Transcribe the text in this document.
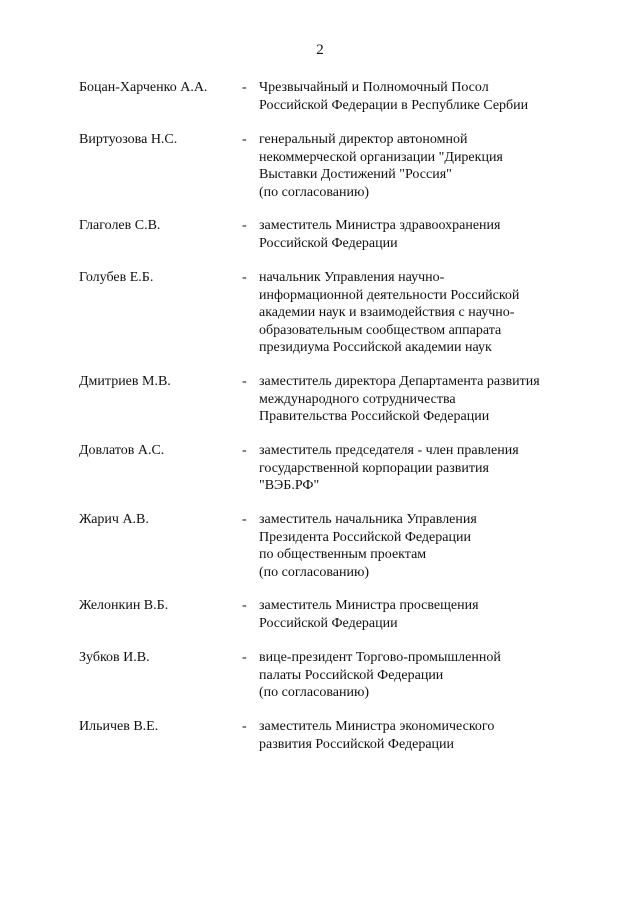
2
Боцан-Харченко А.А. - Чрезвычайный и Полномочный Посол
Российской Федерации в Республике Сербии
Виртуозова Н.С.	- генеральный директор автономной
некоммерческой организации "Дирекция
Выставки Достижений "Россия"
(по согласованию)
Глаголев С.В.	- заместитель Министра здравоохранения
Российской Федерации
Голубев Е.Б.	- начальник Управления научно-
информационной деятельности Российской
академии наук и взаимодействия с научно-
образовательным сообществом аппарата
президиума Российской академии наук
Дмитриев М.В.	- заместитель директора Департамента развития
международного сотрудничества
Правительства Российской Федерации
Довлатов А.С.	- заместитель председателя - член правления
государственной корпорации развития
"ВЭБ.РФ"
Жарич А.В.	- заместитель начальника Управления
Президента Российской Федерации
по общественным проектам
(по согласованию)
Желонкин В.Б.	- заместитель Министра просвещения
Российской Федерации
Зубков И.В.	- вице-президент Торгово-промышленной
палаты Российской Федерации
(по согласованию)
Ильичев В.Е.	- заместитель Министра экономического
развития Российской Федерации
